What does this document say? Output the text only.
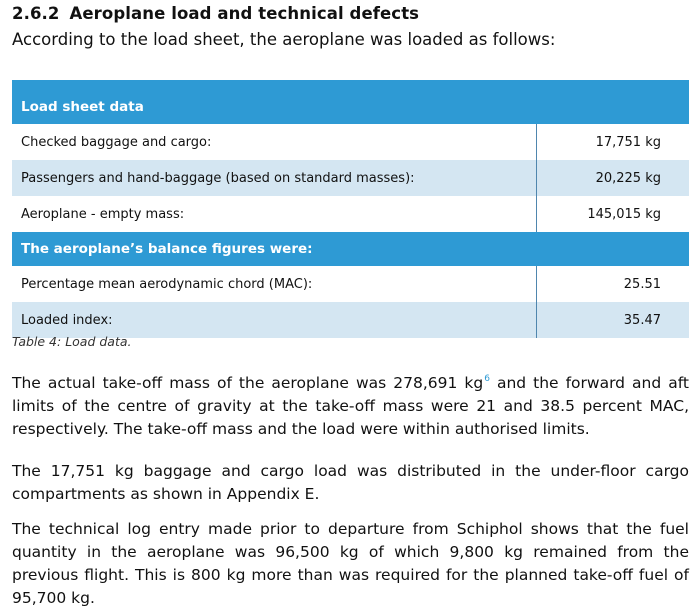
2.6.2 Aeroplane load and technical defects
According to the load sheet, the aeroplane was loaded as follows:
Load sheet data	
Checked baggage and cargo:	17,751 kg
Passengers and hand-baggage (based on standard masses):	20,225 kg
Aeroplane - empty mass:	145,015 kg
The aeroplane’s balance figures were:	
Percentage mean aerodynamic chord (MAC):	25.51
Loaded index:	35.47
Table 4: Load data.
The actual take-off mass of the aeroplane was 278,691 $kg^6$ and the forward and aft limits of the centre of gravity at the take-off mass were 21 and 38.5 percent MAC, respectively. The take-off mass and the load were within authorised limits.
The 17,751 kg baggage and cargo load was distributed in the under-floor cargo compartments as shown in Appendix E.
The technical log entry made prior to departure from Schiphol shows that the fuel quantity in the aeroplane was 96,500 kg of which 9,800 kg remained from the previous flight. This is 800 kg more than was required for the planned take-off fuel of 95,700 kg.
